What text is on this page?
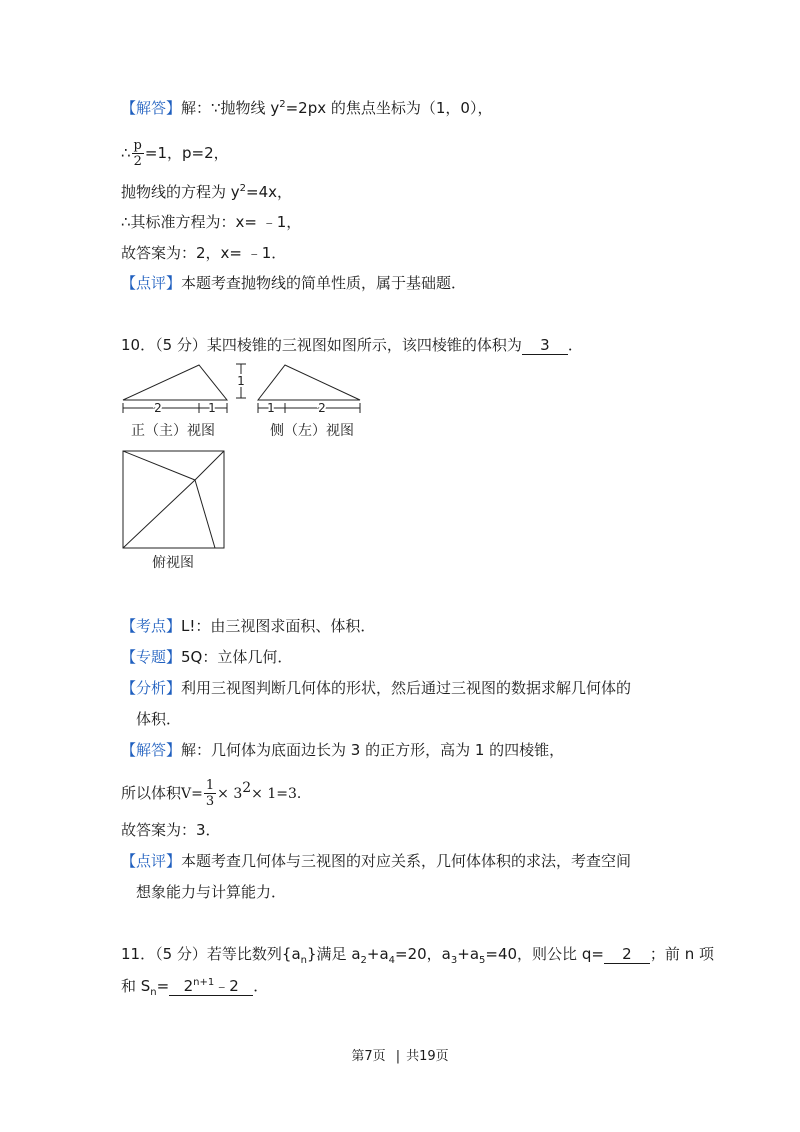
【解答】解：∵抛物线 $y^2=2px$ 的焦点坐标为（1，0），
∴ $\frac{p}{2} =1$，p=2，
抛物线的方程为 $y^2=4x$，
∴其标准方程为：x= ﹣1，
故答案为：2，x= ﹣1．
【点评】本题考查抛物线的简单性质，属于基础题．
10．（5 分）某四棱锥的三视图如图所示，该四棱锥的体积为 3 ．
2	1
1
1	2
正（主）视图	侧（左）视图
俯视图
【考点】L!：由三视图求面积、体积．
【专题】5Q：立体几何．
【分析】利用三视图判断几何体的形状，然后通过三视图的数据求解几何体的
体积．
【解答】解：几何体为底面边长为 3 的正方形，高为 1 的四棱锥，
所以体积$V= \frac{1}{3} \times 3^2\times 1=3$．
故答案为：3．
【点评】本题考查几何体与三视图的对应关系，几何体体积的求法，考查空间
想象能力与计算能力．
11．（5 分）若等比数列$\{a_n\}$满足 $a_2+a_4=20$，$a_3+a_5=40$，则公比 q= 2 ；前 n 项
和 $S_n=$ $2^{n+1}﹣2$ ．
第7页 | 共19页
